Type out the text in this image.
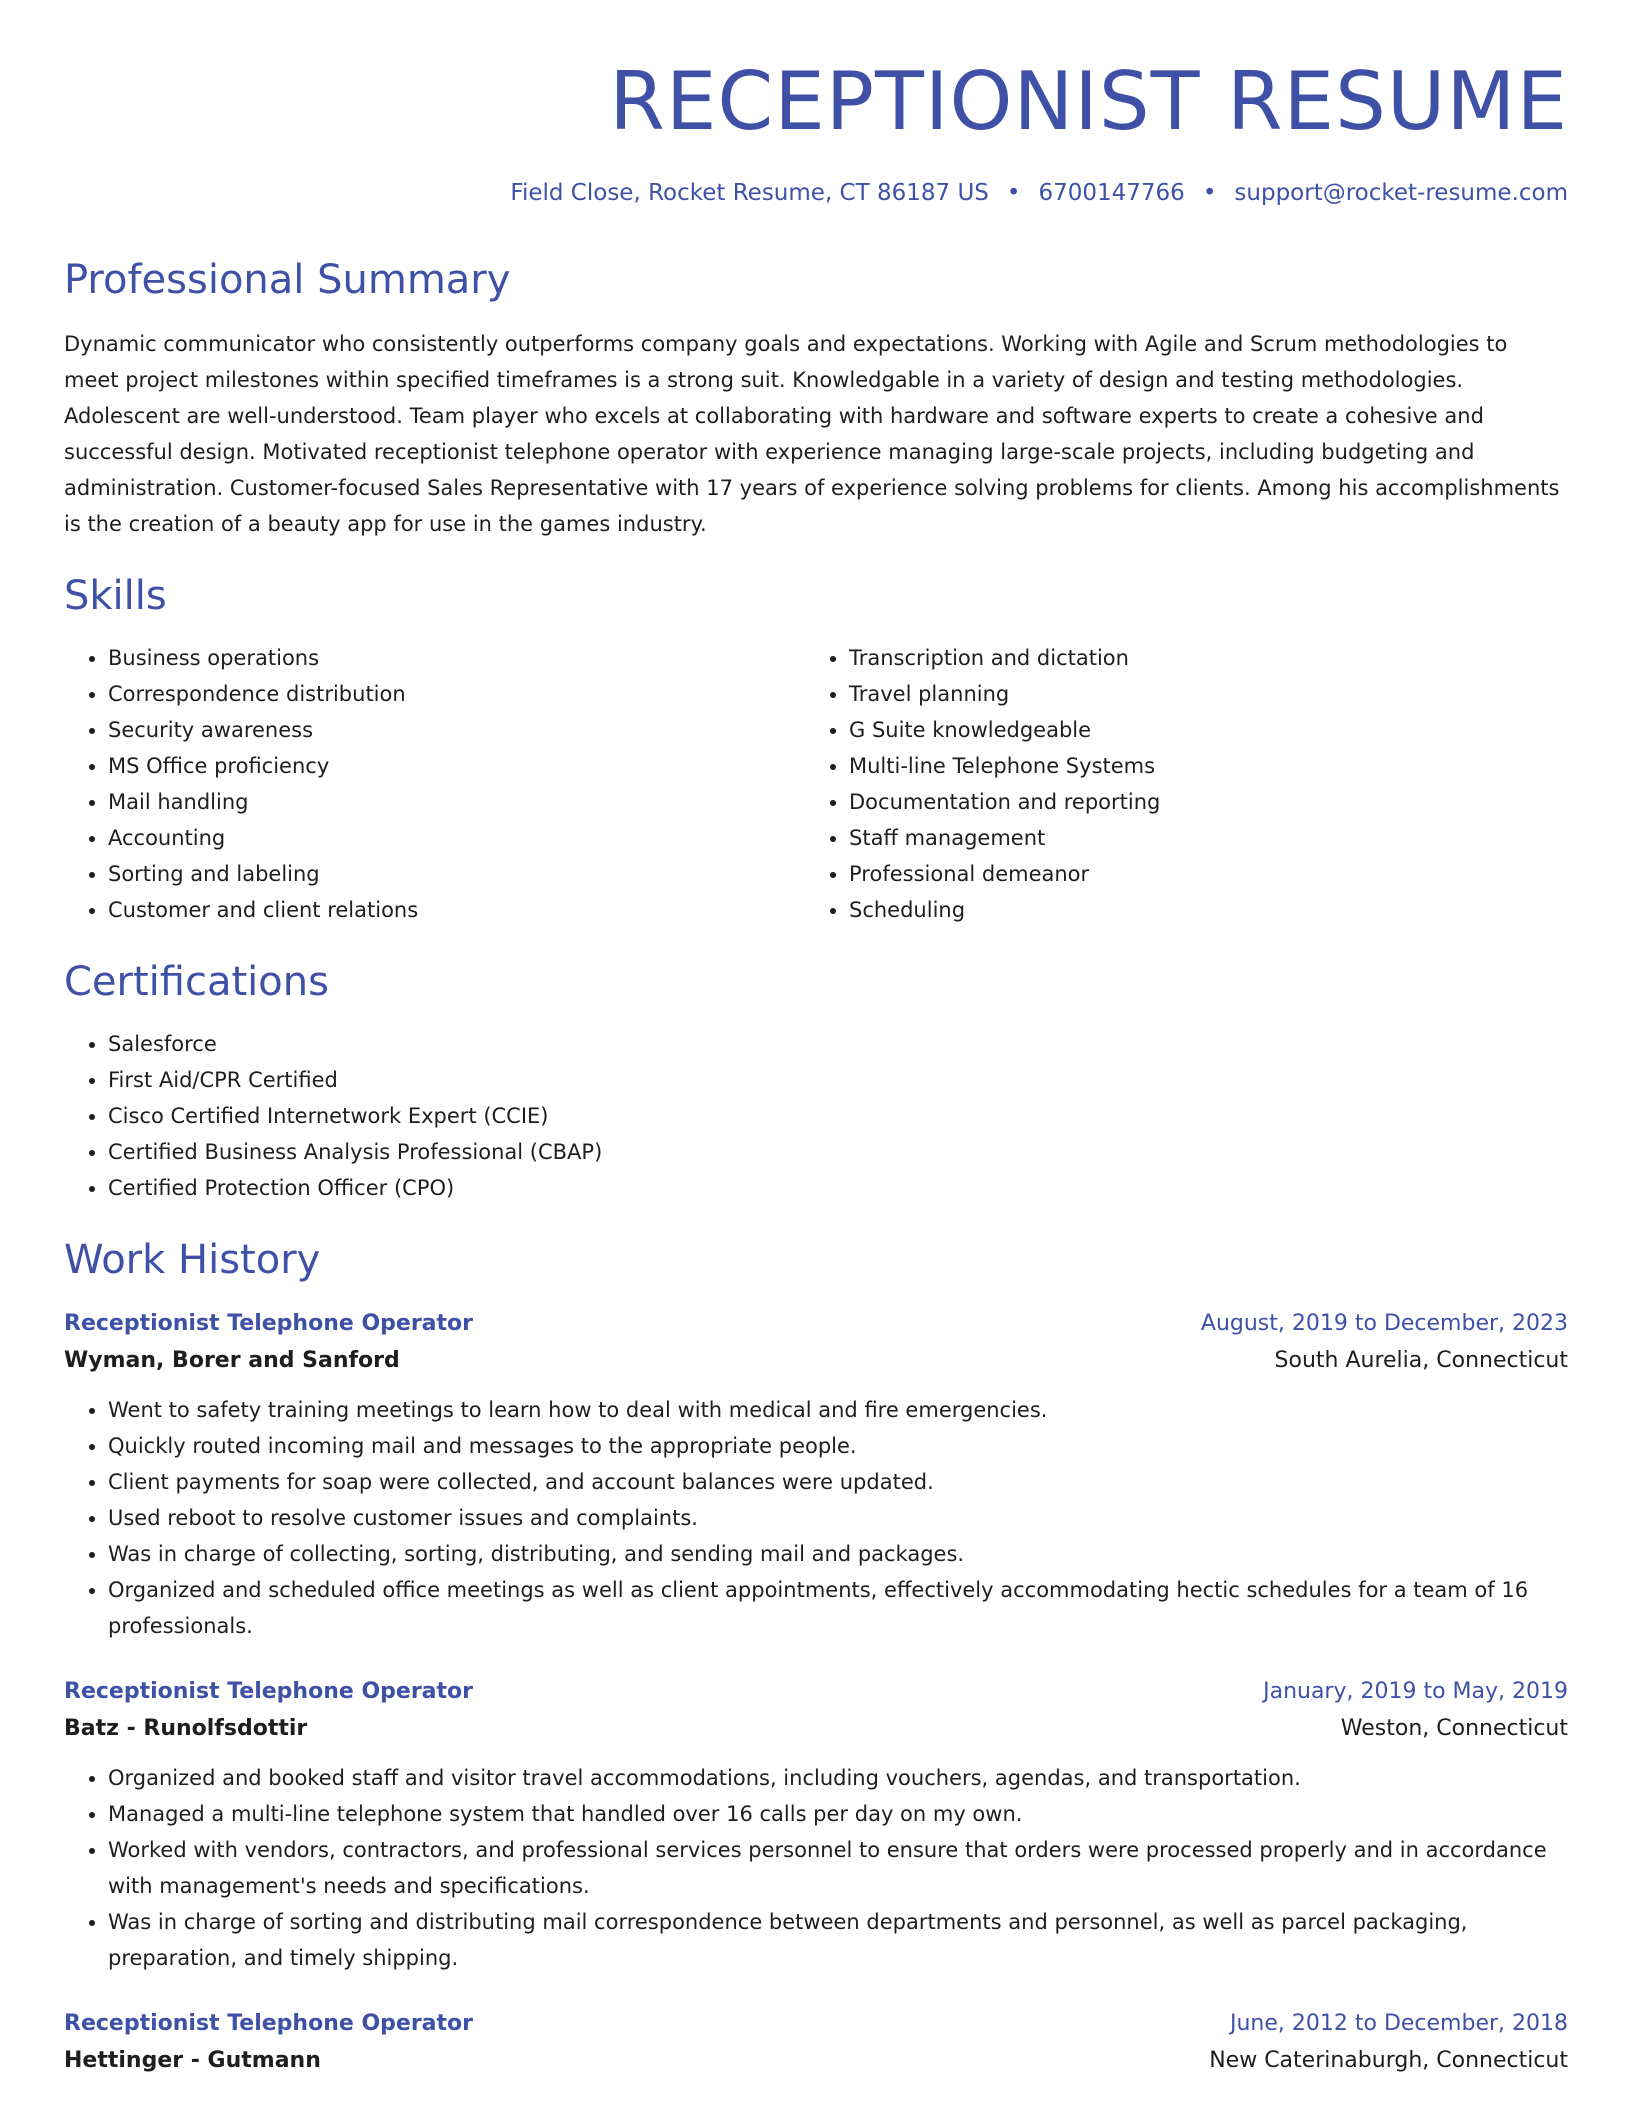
RECEPTIONIST RESUME
Field Close, Rocket Resume, CT 86187 US • 6700147766 • support@rocket-resume.com
Professional Summary

Dynamic communicator who consistently outperforms company goals and expectations. Working with Agile and Scrum methodologies to meet project milestones within specified timeframes is a strong suit. Knowledgable in a variety of design and testing methodologies. Adolescent are well-understood. Team player who excels at collaborating with hardware and software experts to create a cohesive and successful design. Motivated receptionist telephone operator with experience managing large-scale projects, including budgeting and administration. Customer-focused Sales Representative with 17 years of experience solving problems for clients. Among his accomplishments is the creation of a beauty app for use in the games industry.

Skills
• Business operations
• Correspondence distribution
• Security awareness
• MS Office proficiency
• Mail handling
• Accounting
• Sorting and labeling
• Customer and client relations
• Transcription and dictation
• Travel planning
• G Suite knowledgeable
• Multi-line Telephone Systems
• Documentation and reporting
• Staff management
• Professional demeanor
• Scheduling
Certifications
• Salesforce
• First Aid/CPR Certified
• Cisco Certified Internetwork Expert (CCIE)
• Certified Business Analysis Professional (CBAP)
• Certified Protection Officer (CPO)
Work History
Receptionist Telephone Operator	August, 2019 to December, 2023
Wyman, Borer and Sanford	South Aurelia, Connecticut
• Went to safety training meetings to learn how to deal with medical and fire emergencies.
• Quickly routed incoming mail and messages to the appropriate people.
• Client payments for soap were collected, and account balances were updated.
• Used reboot to resolve customer issues and complaints.
• Was in charge of collecting, sorting, distributing, and sending mail and packages.
• Organized and scheduled office meetings as well as client appointments, effectively accommodating hectic schedules for a team of 16 professionals.
Receptionist Telephone Operator	January, 2019 to May, 2019
Batz - Runolfsdottir	Weston, Connecticut
• Organized and booked staff and visitor travel accommodations, including vouchers, agendas, and transportation.
• Managed a multi-line telephone system that handled over 16 calls per day on my own.
• Worked with vendors, contractors, and professional services personnel to ensure that orders were processed properly and in accordance with management's needs and specifications.
• Was in charge of sorting and distributing mail correspondence between departments and personnel, as well as parcel packaging, preparation, and timely shipping.
Receptionist Telephone Operator	June, 2012 to December, 2018
Hettinger - Gutmann	New Caterinaburgh, Connecticut
